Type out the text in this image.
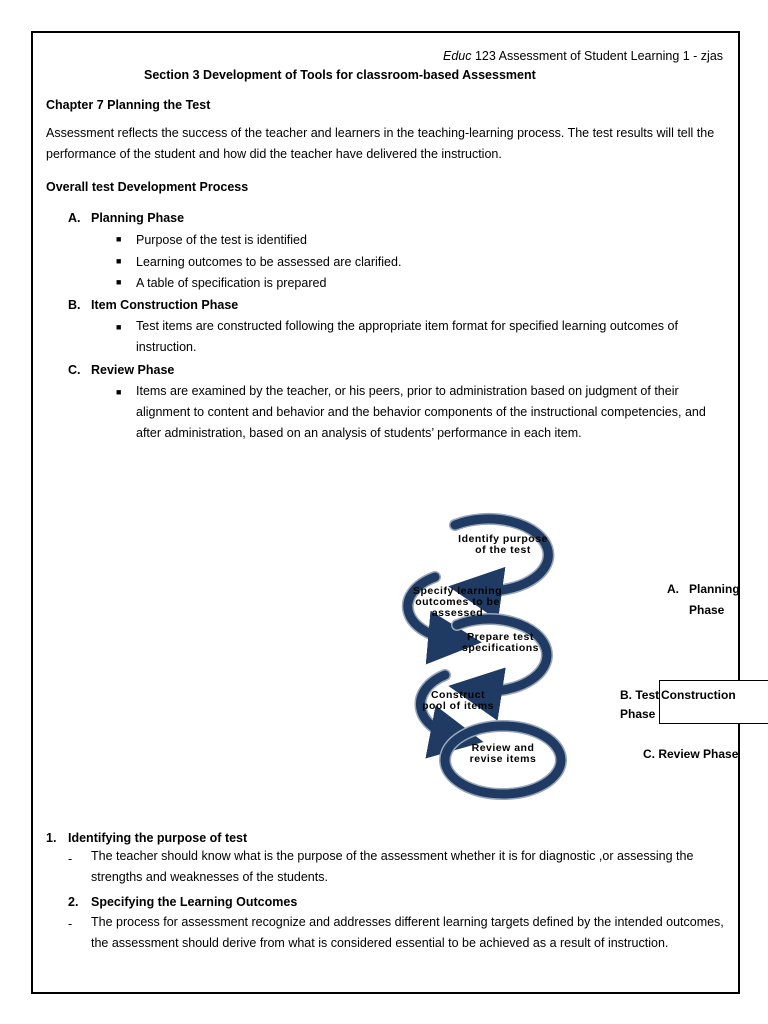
Educ 123 Assessment of Student Learning 1 - zjas
Section 3 Development of Tools for classroom-based Assessment
Chapter 7 Planning the Test
Assessment reflects the success of the teacher and learners in the teaching-learning process. The test results will tell the performance of the student and how did the teacher have delivered the instruction.
Overall test Development Process
A. Planning Phase
■ Purpose of the test is identified
■ Learning outcomes to be assessed are clarified.
■ A table of specification is prepared
B. Item Construction Phase
■ Test items are constructed following the appropriate item format for specified learning outcomes of instruction.
C. Review Phase
■ Items are examined by the teacher, or his peers, prior to administration based on judgment of their alignment to content and behavior and the behavior components of the instructional competencies, and after administration, based on an analysis of students’ performance in each item.
Identify purpose of the test
Specify learning outcomes to be assessed
Prepare test specifications
Construct pool of items
Review and revise items
A. Planning
Phase
Construction
B. Test
Phase
C. Review Phase
1. Identifying the purpose of test
- The teacher should know what is the purpose of the assessment whether it is for diagnostic ,or assessing the strengths and weaknesses of the students.
2. Specifying the Learning Outcomes
- The process for assessment recognize and addresses different learning targets defined by the intended outcomes, the assessment should derive from what is considered essential to be achieved as a result of instruction.
